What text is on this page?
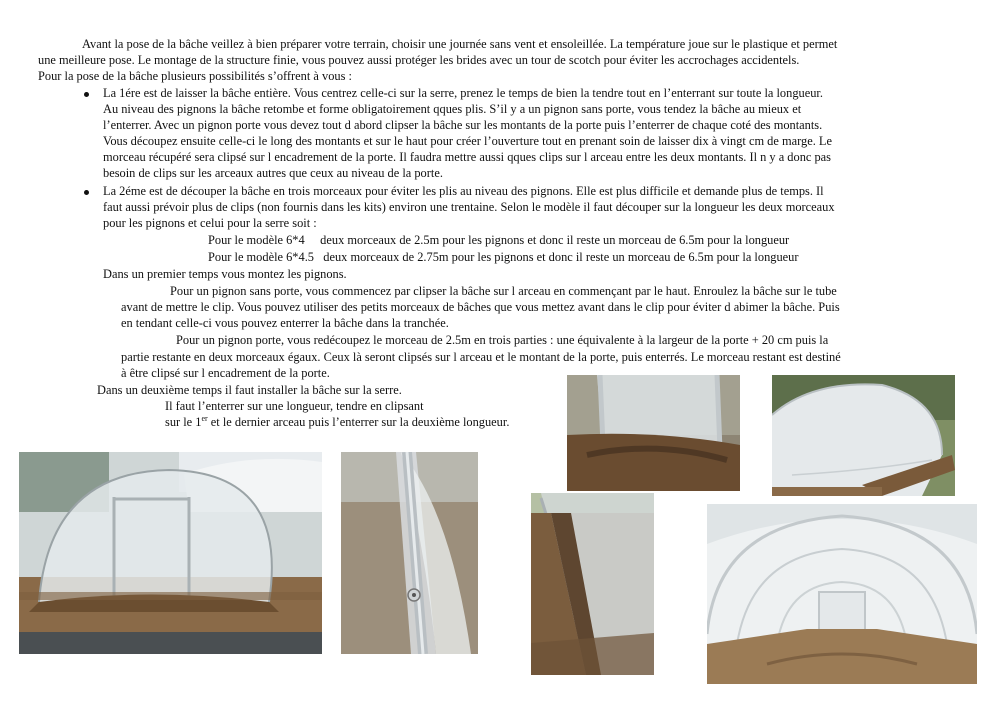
Avant la pose de la bâche veillez à bien préparer votre terrain, choisir une journée sans vent et ensoleillée. La température joue sur le plastique et permet

une meilleure pose. Le montage de la structure finie, vous pouvez aussi protéger les brides avec un tour de scotch pour éviter les accrochages accidentels.

Pour la pose de la bâche plusieurs possibilités s’offrent à vous :

La 1ére est de laisser la bâche entière. Vous centrez celle-ci sur la serre, prenez le temps de bien la tendre tout en l’enterrant sur toute la longueur.

Au niveau des pignons la bâche retombe et forme obligatoirement qques plis. S’il y a un pignon sans porte, vous tendez la bâche au mieux et

l’enterrer. Avec un pignon porte vous devez tout d abord clipser la bâche sur les montants de la porte puis l’enterrer de chaque coté des montants.

Vous découpez ensuite celle-ci le long des montants et sur le haut pour créer l’ouverture tout en prenant soin de laisser dix à vingt cm de marge. Le

morceau récupéré sera clipsé sur l encadrement de la porte. Il faudra mettre aussi qques clips sur l arceau entre les deux montants. Il n y a donc pas

besoin de clips sur les arceaux autres que ceux au niveau de la porte.

La 2éme est de découper la bâche en trois morceaux pour éviter les plis au niveau des pignons. Elle est plus difficile et demande plus de temps. Il

faut aussi prévoir plus de clips (non fournis dans les kits) environ une trentaine. Selon le modèle il faut découper sur la longueur les deux morceaux

pour les pignons et celui pour la serre soit :

Pour le modèle 6*4     deux morceaux de 2.5m pour les pignons et donc il reste un morceau de 6.5m pour la longueur

Pour le modèle 6*4.5   deux morceaux de 2.75m pour les pignons et donc il reste un morceau de 6.5m pour la longueur

Dans un premier temps vous montez les pignons.

Pour un pignon sans porte, vous commencez par clipser la bâche sur l arceau en commençant par le haut. Enroulez la bâche sur le tube

avant de mettre le clip. Vous pouvez utiliser des petits morceaux de bâches que vous mettez avant dans le clip pour éviter d abimer la bâche. Puis

en tendant celle-ci vous pouvez enterrer la bâche dans la tranchée.

Pour un pignon porte, vous redécoupez le morceau de 2.5m en trois parties : une équivalente à la largeur de la porte + 20 cm puis la

partie restante en deux morceaux égaux. Ceux là seront clipsés sur l arceau et le montant de la porte, puis enterrés. Le morceau restant est destiné

à être clipsé sur l encadrement de la porte.

Dans un deuxième temps il faut installer la bâche sur la serre.

Il faut l’enterrer sur une longueur, tendre en clipsant

sur le 1er et le dernier arceau puis l’enterrer sur la deuxième longueur.
